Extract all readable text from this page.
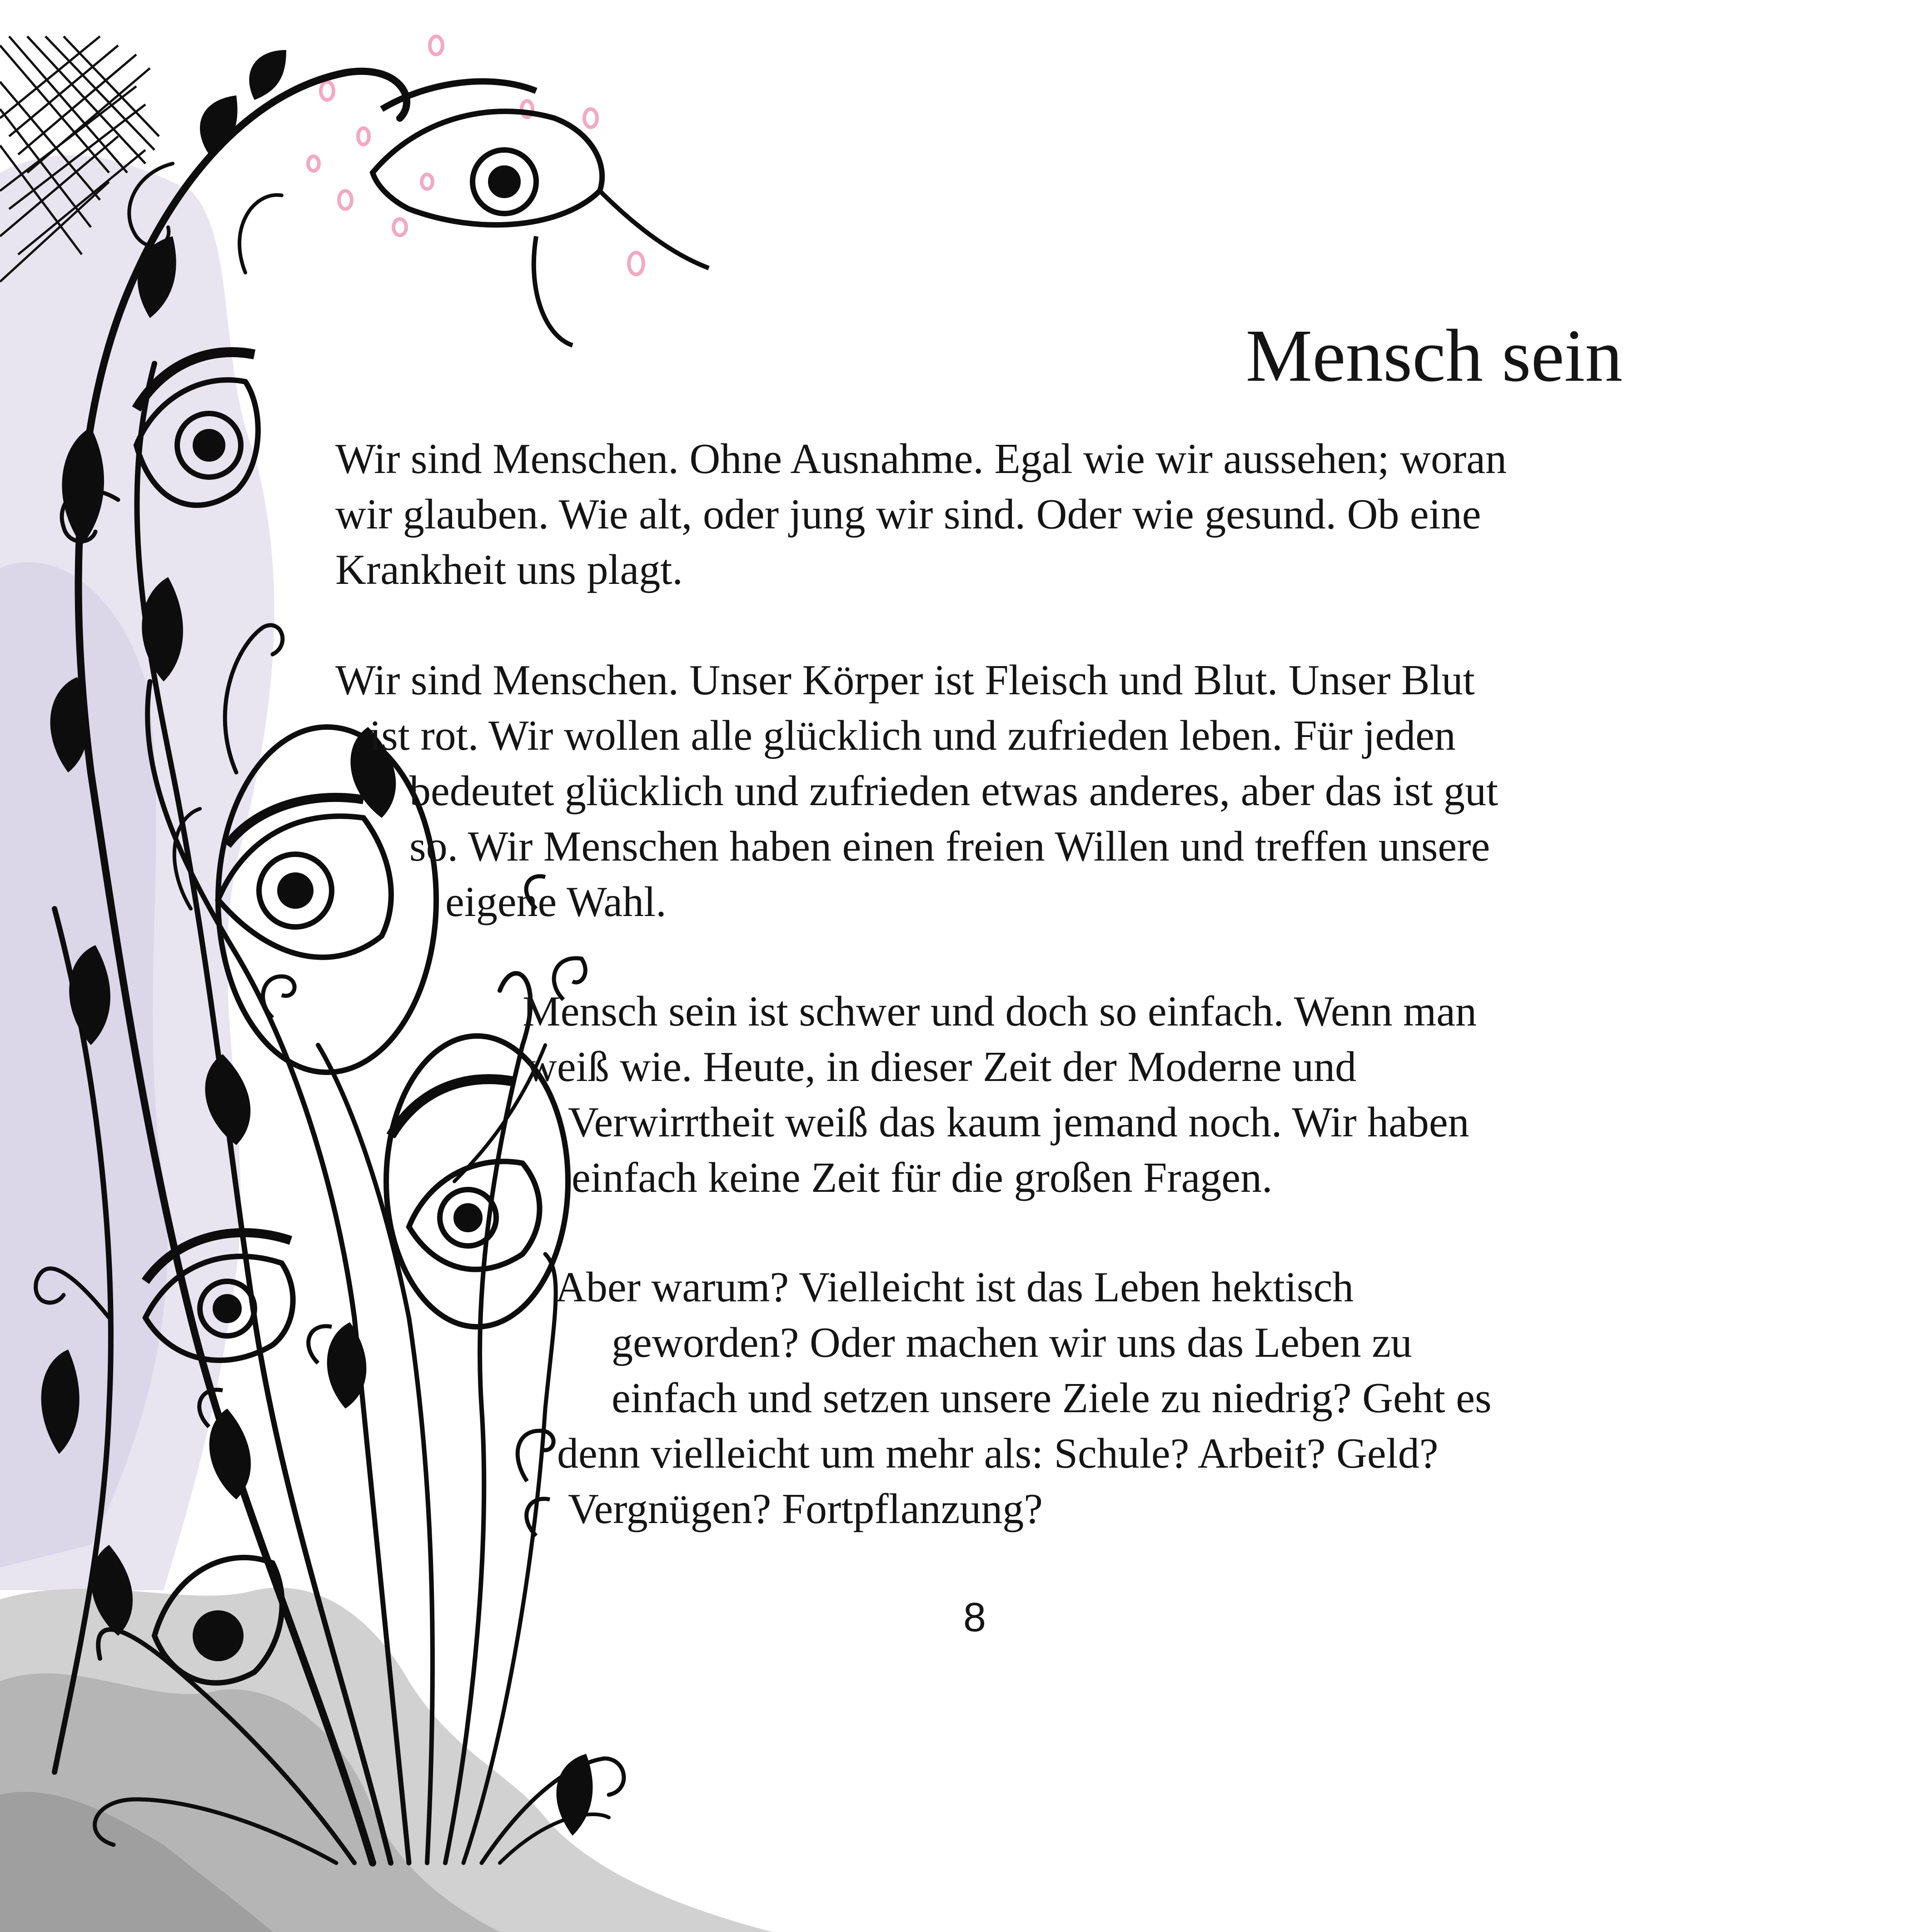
Mensch sein
Wir sind Menschen. Ohne Ausnahme. Egal wie wir aussehen; woran
wir glauben. Wie alt, oder jung wir sind. Oder wie gesund. Ob eine
Krankheit uns plagt.
Wir sind Menschen. Unser Körper ist Fleisch und Blut. Unser Blut
ist rot. Wir wollen alle glücklich und zufrieden leben. Für jeden
bedeutet glücklich und zufrieden etwas anderes, aber das ist gut
so. Wir Menschen haben einen freien Willen und treffen unsere
eigene Wahl.
Mensch sein ist schwer und doch so einfach. Wenn man
weiß wie. Heute, in dieser Zeit der Moderne und
Verwirrtheit weiß das kaum jemand noch. Wir haben
einfach keine Zeit für die großen Fragen.
Aber warum? Vielleicht ist das Leben hektisch
geworden? Oder machen wir uns das Leben zu
einfach und setzen unsere Ziele zu niedrig? Geht es
denn vielleicht um mehr als: Schule? Arbeit? Geld?
Vergnügen? Fortpflanzung?
8
